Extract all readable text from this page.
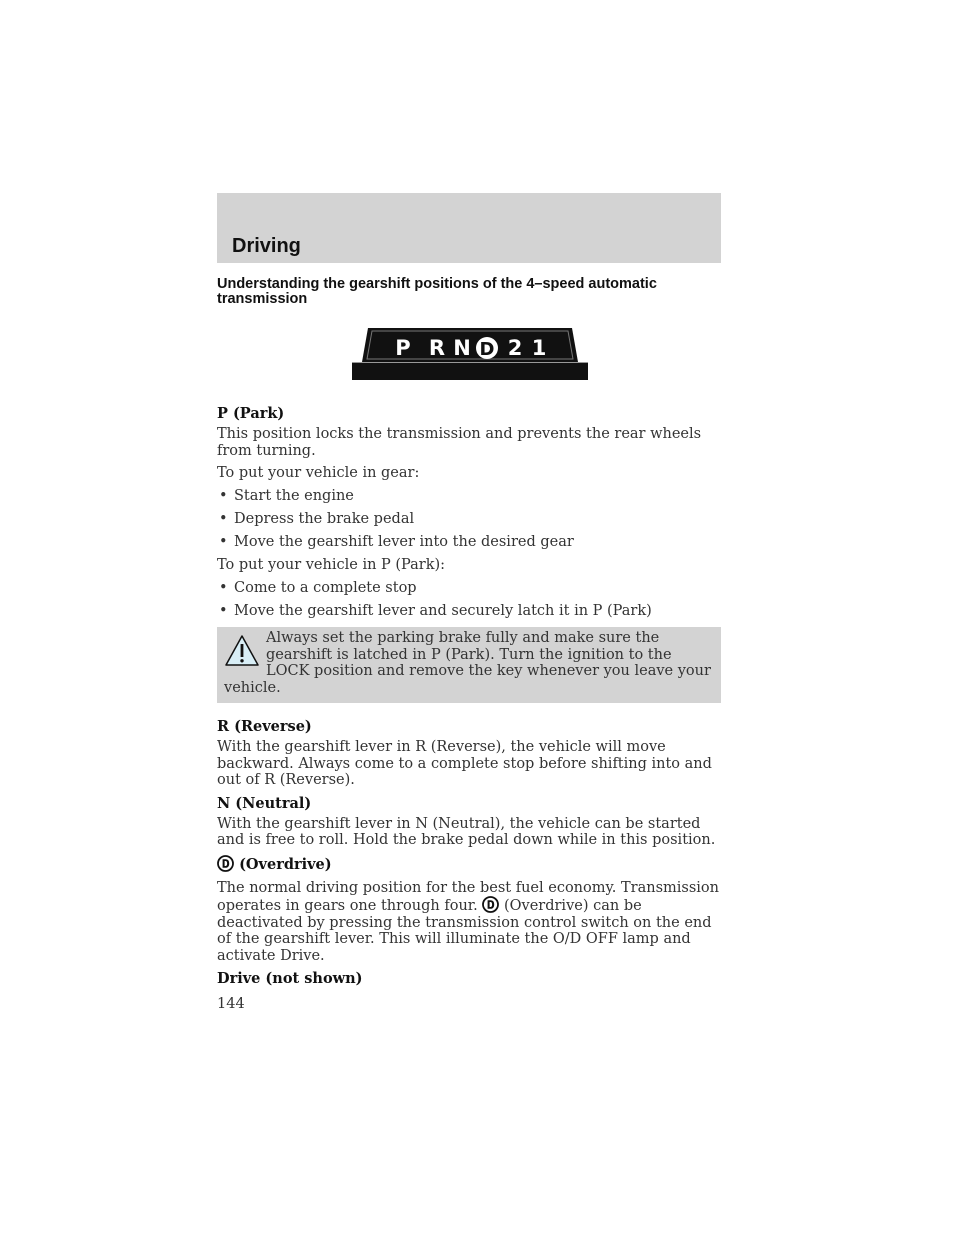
Driving
Understanding the gearshift positions of the 4–speed automatic transmission
P R N D 2 1
P (Park)

This position locks the transmission and prevents the rear wheels from turning.

To put your vehicle in gear:

• Start the engine
• Depress the brake pedal
• Move the gearshift lever into the desired gear

To put your vehicle in P (Park):

• Come to a complete stop
• Move the gearshift lever and securely latch it in P (Park)
Always set the parking brake fully and make sure the gearshift is latched in P (Park). Turn the ignition to the LOCK position and remove the key whenever you leave your vehicle.
R (Reverse)

With the gearshift lever in R (Reverse), the vehicle will move backward. Always come to a complete stop before shifting into and out of R (Reverse).

N (Neutral)

With the gearshift lever in N (Neutral), the vehicle can be started and is free to roll. Hold the brake pedal down while in this position.

(Overdrive)

The normal driving position for the best fuel economy. Transmission operates in gears one through four. (Overdrive) can be deactivated by pressing the transmission control switch on the end of the gearshift lever. This will illuminate the O/D OFF lamp and activate Drive.

Drive (not shown)
144
